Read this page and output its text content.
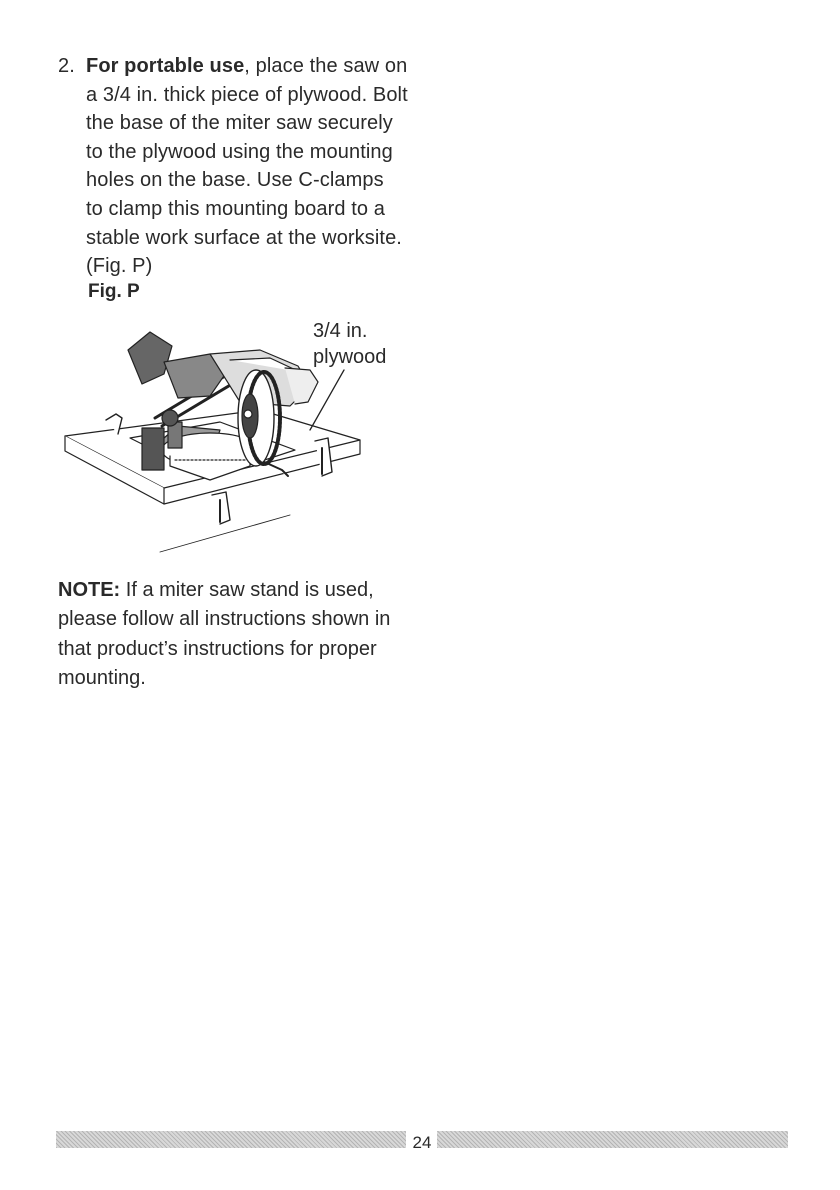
2. For portable use, place the saw on
a 3/4 in. thick piece of plywood. Bolt
the base of the miter saw securely
to the plywood using the mounting
holes on the base. Use C-clamps
to clamp this mounting board to a
stable work surface at the worksite.
(Fig. P)
Fig. P
3/4 in.
plywood
NOTE: If a miter saw stand is used,
please follow all instructions shown in
that product’s instructions for proper
mounting.
24
